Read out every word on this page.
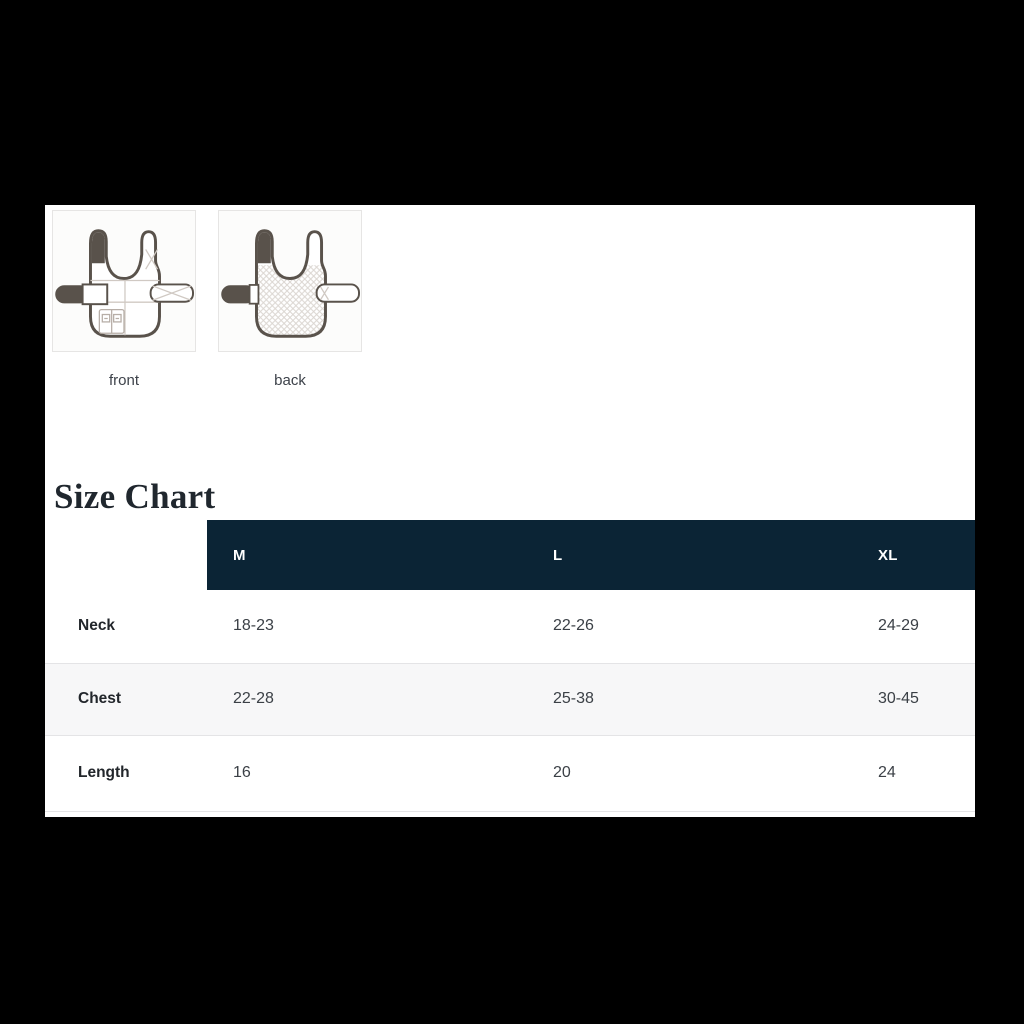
front	back
Size Chart
	M	L	XL
Neck	18-23	22-26	24-29
Chest	22-28	25-38	30-45
Length	16	20	24
